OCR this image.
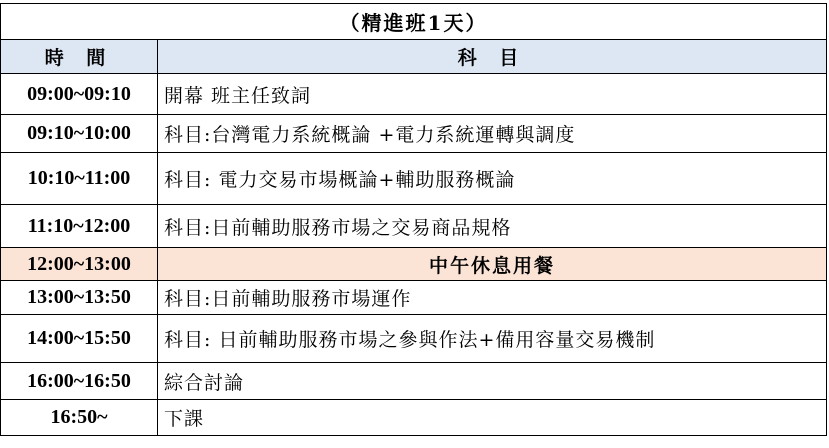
（精進班1天）	
時 間	科 目
09:00~09:10	開幕 班主任致詞
09:10~10:00	科目:台灣電力系統概論 +電力系統運轉與調度
10:10~11:00	科目: 電力交易市場概論+輔助服務概論
11:10~12:00	科目:日前輔助服務市場之交易商品規格
12:00~13:00	中午休息用餐
13:00~13:50	科目:日前輔助服務市場運作
14:00~15:50	科目: 日前輔助服務市場之參與作法+備用容量交易機制
16:00~16:50	綜合討論
16:50~	下課
